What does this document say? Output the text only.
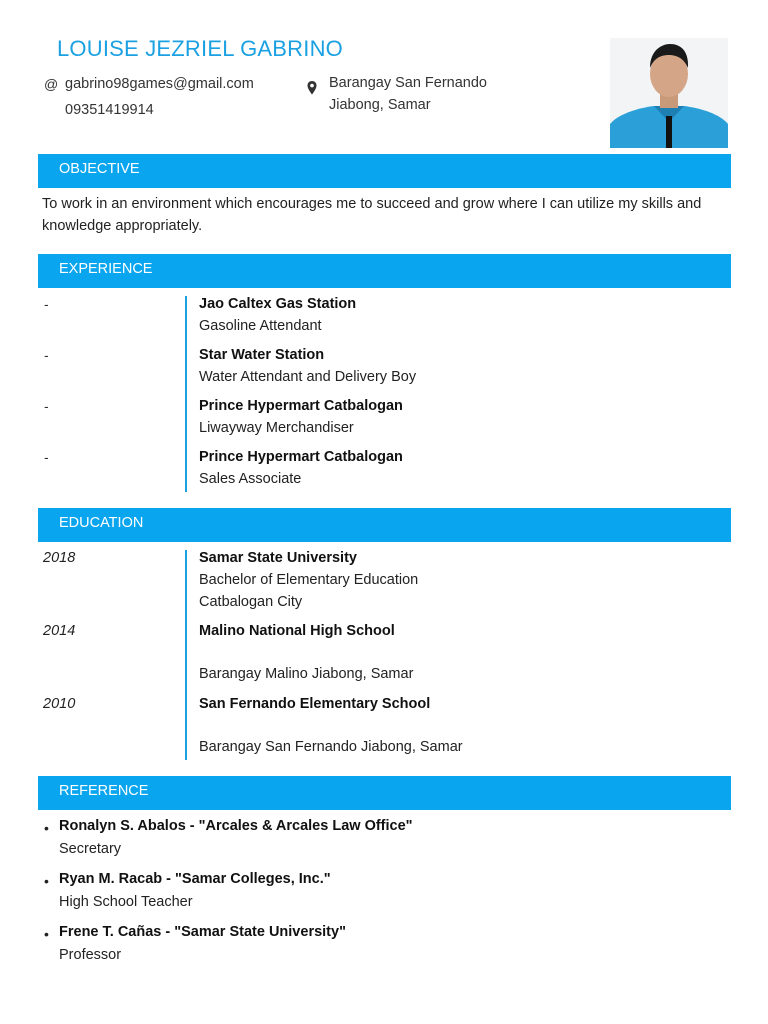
LOUISE JEZRIEL GABRINO
@ gabrino98games@gmail.com
09351419914
Barangay San Fernando
Jiabong, Samar
OBJECTIVE
To work in an environment which encourages me to succeed and grow where I can utilize my skills and knowledge appropriately.
EXPERIENCE
-	Jao Caltex Gas Station
Gasoline Attendant
-	Star Water Station
Water Attendant and Delivery Boy
-	Prince Hypermart Catbalogan
Liwayway Merchandiser
-	Prince Hypermart Catbalogan
Sales Associate
EDUCATION
2018	Samar State University
Bachelor of Elementary Education
Catbalogan City
2014	Malino National High School
Barangay Malino Jiabong, Samar
2010	San Fernando Elementary School
Barangay San Fernando Jiabong, Samar
REFERENCE
• Ronalyn S. Abalos - "Arcales & Arcales Law Office"
Secretary
• Ryan M. Racab - "Samar Colleges, Inc."
High School Teacher
• Frene T. Cañas - "Samar State University"
Professor
